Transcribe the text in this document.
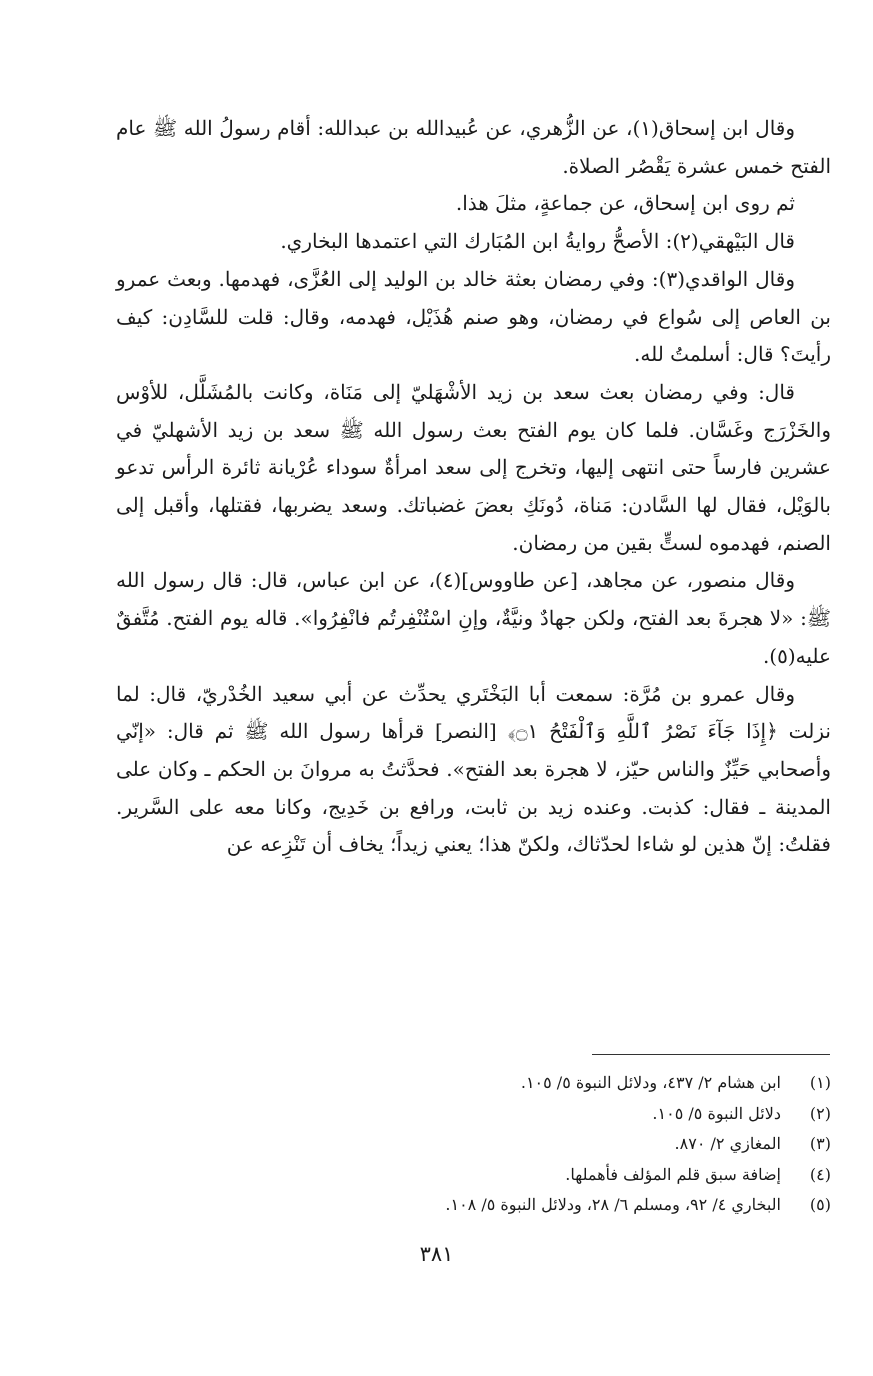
وقال ابن إسحاق(١)، عن الزُّهري، عن عُبيدالله بن عبدالله: أقام رسولُ الله ﷺ عام الفتح خمس عشرة يَقْصُر الصلاة.

ثم روى ابن إسحاق، عن جماعةٍ، مثلَ هذا.

قال البَيْهقي(٢): الأصحُّ روايةُ ابن المُبَارك التي اعتمدها البخاري.

وقال الواقدي(٣): وفي رمضان بعثة خالد بن الوليد إلى العُزَّى، فهدمها. وبعث عمرو بن العاص إلى سُواع في رمضان، وهو صنم هُذَيْل، فهدمه، وقال: قلت للسَّادِن: كيف رأيتَ؟ قال: أسلمتُ لله.

قال: وفي رمضان بعث سعد بن زيد الأشْهَليّ إلى مَنَاة، وكانت بالمُشَلَّل، للأوْس والخَزْرَج وغَسَّان. فلما كان يوم الفتح بعث رسول الله ﷺ سعد بن زيد الأشهليّ في عشرين فارساً حتى انتهى إليها، وتخرج إلى سعد امرأةٌ سوداء عُرْيانة ثائرة الرأس تدعو بالوَيْل، فقال لها السَّادن: مَناة، دُونَكِ بعضَ غضباتك. وسعد يضربها، فقتلها، وأقبل إلى الصنم، فهدموه لستٍّ بقين من رمضان.

وقال منصور، عن مجاهد، [عن طاووس](٤)، عن ابن عباس، قال: قال رسول الله ﷺ: «لا هجرةَ بعد الفتح، ولكن جهادٌ ونيَّةٌ، وإنِ اسْتُنْفِرتُم فانْفِرُوا». قاله يوم الفتح. مُتَّفقٌ عليه(٥).

وقال عمرو بن مُرَّة: سمعت أبا البَخْتَري يحدِّث عن أبي سعيد الخُدْريّ، قال: لما نزلت ﴿إِذَا جَآءَ نَصْرُ ٱللَّهِ وَٱلْفَتْحُ ۝١﴾ [النصر] قرأها رسول الله ﷺ ثم قال: «إنّي وأصحابي حَيِّزٌ والناس حيّز، لا هجرة بعد الفتح». فحدَّثتُ به مروانَ بن الحكم ـ وكان على المدينة ـ فقال: كذبت. وعنده زيد بن ثابت، ورافع بن خَدِيج، وكانا معه على السَّرير. فقلتُ: إنّ هذين لو شاءا لحدّثاك، ولكنّ هذا؛ يعني زيداً؛ يخاف أن تَنْزِعه عن

(١)
ابن هشام ٢/ ٤٣٧، ودلائل النبوة ٥/ ١٠٥.
(٢)
دلائل النبوة ٥/ ١٠٥.
(٣)
المغازي ٢/ ٨٧٠.
(٤)
إضافة سبق قلم المؤلف فأهملها.
(٥)
البخاري ٤/ ٩٢، ومسلم ٦/ ٢٨، ودلائل النبوة ٥/ ١٠٨.
٣٨١
